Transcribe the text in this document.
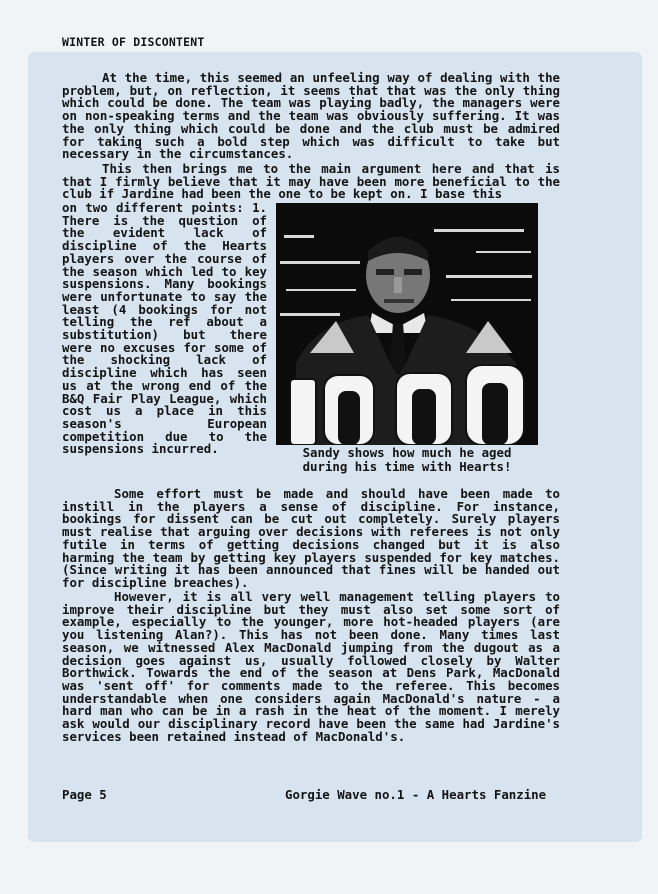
WINTER OF DISCONTENT

At the time, this seemed an unfeeling way of dealing with the problem, but, on reflection, it seems that that was the only thing which could be done. The team was playing badly, the managers were on non-speaking terms and the team was obviously suffering. It was the only thing which could be done and the club must be admired for taking such a bold step which was difficult to take but necessary in the circumstances.

This then brings me to the main argument here and that is that I firmly believe that it may have been more beneficial to the club if Jardine had been the one to be kept on. I base this

on two different points: 1. There is the question of the evident lack of discipline of the Hearts players over the course of the season which led to key suspensions. Many bookings were unfortunate to say the least (4 bookings for not telling the ref about a substitution) but there were no excuses for some of the shocking lack of discipline which has seen us at the wrong end of the B&Q Fair Play League, which cost us a place in this season's European competition due to the suspensions incurred.	Sandy shows how much he aged
during his time with Hearts!

Some effort must be made and should have been made to instill in the players a sense of discipline. For instance, bookings for dissent can be cut out completely. Surely players must realise that arguing over decisions with referees is not only futile in terms of getting decisions changed but it is also harming the team by getting key players suspended for key matches. (Since writing it has been announced that fines will be handed out for discipline breaches).

However, it is all very well management telling players to improve their discipline but they must also set some sort of example, especially to the younger, more hot-headed players (are you listening Alan?). This has not been done. Many times last season, we witnessed Alex MacDonald jumping from the dugout as a decision goes against us, usually followed closely by Walter Borthwick. Towards the end of the season at Dens Park, MacDonald was 'sent off' for comments made to the referee. This becomes understandable when one considers again MacDonald's nature - a hard man who can be in a rash in the heat of the moment. I merely ask would our disciplinary record have been the same had Jardine's services been retained instead of MacDonald's.

Page 5	Gorgie Wave no.1 - A Hearts Fanzine
